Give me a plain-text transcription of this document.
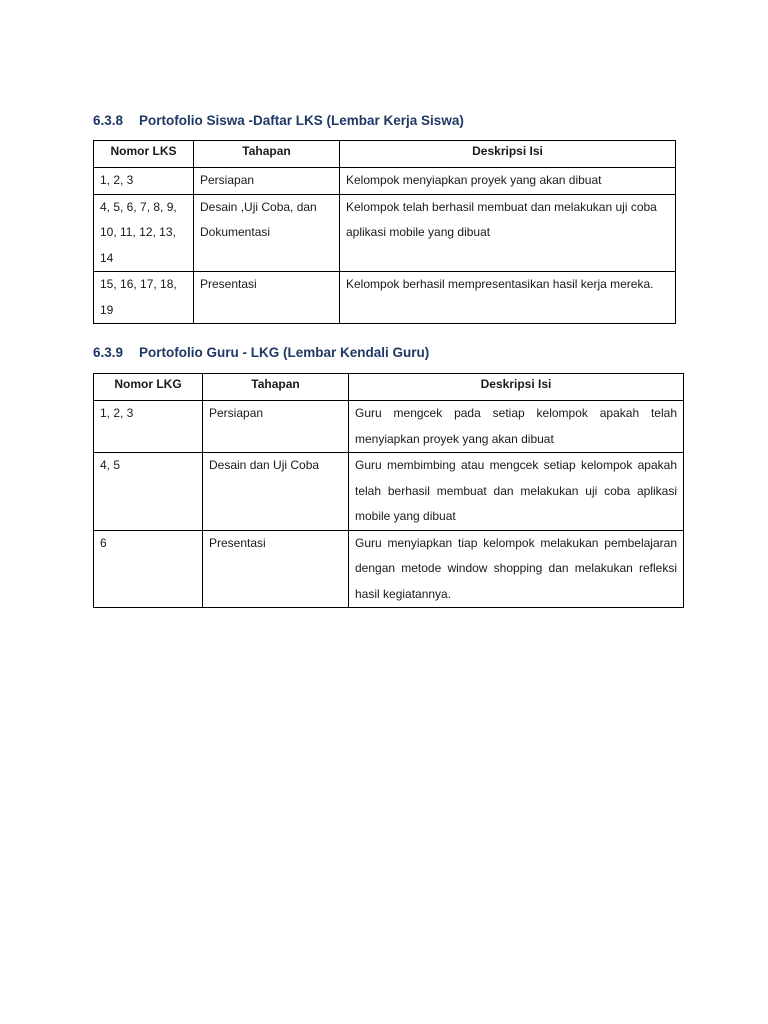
6.3.8 Portofolio Siswa -Daftar LKS (Lembar Kerja Siswa)
Nomor LKS	Tahapan	Deskripsi Isi
1, 2, 3	Persiapan	Kelompok menyiapkan proyek yang akan dibuat
4, 5, 6, 7, 8, 9, 10, 11, 12, 13, 14	Desain ,Uji Coba, dan Dokumentasi	Kelompok telah berhasil membuat dan melakukan uji coba aplikasi mobile yang dibuat
15, 16, 17, 18, 19	Presentasi	Kelompok berhasil mempresentasikan hasil kerja mereka.
6.3.9 Portofolio Guru - LKG (Lembar Kendali Guru)
Nomor LKG	Tahapan	Deskripsi Isi
1, 2, 3	Persiapan	Guru mengcek pada setiap kelompok apakah telah menyiapkan proyek yang akan dibuat
4, 5	Desain dan Uji Coba	Guru membimbing atau mengcek setiap kelompok apakah telah berhasil membuat dan melakukan uji coba aplikasi mobile yang dibuat
6	Presentasi	Guru menyiapkan tiap kelompok melakukan pembelajaran dengan metode window shopping dan melakukan refleksi hasil kegiatannya.
